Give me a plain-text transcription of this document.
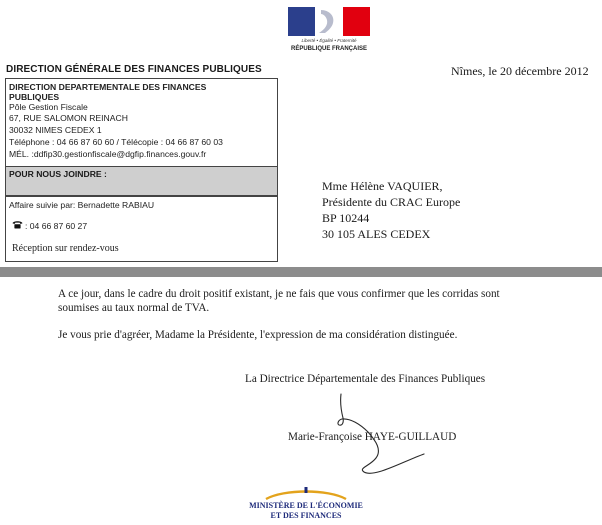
Liberté • Égalité • Fraternité
RÉPUBLIQUE FRANÇAISE
DIRECTION GÉNÉRALE DES FINANCES PUBLIQUES	Nîmes, le 20 décembre 2012
DIRECTION DEPARTEMENTALE DES FINANCES
PUBLIQUES
Pôle Gestion Fiscale
67, RUE SALOMON REINACH
30032 NIMES CEDEX 1
Téléphone : 04 66 87 60 60 / Télécopie : 04 66 87 60 03
MÉL. :ddfip30.gestionfiscale@dgfip.finances.gouv.fr
POUR NOUS JOINDRE :
Affaire suivie par: Bernadette RABIAU
: 04 66 87 60 27
Réception sur rendez-vous
Mme Hélène VAQUIER,
Présidente du CRAC Europe
BP 10244
30 105 ALES CEDEX
A ce jour, dans le cadre du droit positif existant, je ne fais que vous confirmer que les corridas sont
soumises au taux normal de TVA.
Je vous prie d'agréer, Madame la Présidente, l'expression de ma considération distinguée.
La Directrice Départementale des Finances Publiques
Marie-Françoise HAYE-GUILLAUD
MINISTÈRE DE L'ÉCONOMIE
ET DES FINANCES
